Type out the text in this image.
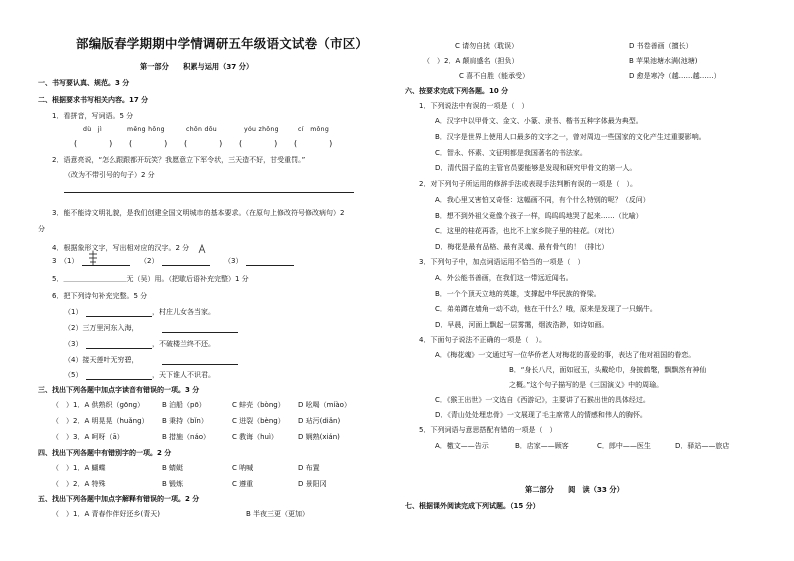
部编版春学期期中学情调研五年级语文试卷（市区）
第一部分　　积累与运用（37 分）
一、书写要认真、规范。3 分
二、根据要求书写相关内容。17 分
1．看拼音，写词语。5 分
dù　jì	mēng hōng	chōn dōu	yóu zhōng	cí　mǒng
(　　　　) (　　　　) (　　　　) (　　　　) (　　　　)
2．语意亮说，“怎么跟跟都开玩笑？我愿意立下军令状，三天造不好，甘受重罚。”
（改为不带引号的句子）2 分
3．能不能诗文明礼貌，是我们创建全国文明城市的基本要求。（在原句上修改符号修改病句）2
分
4．根据象形文字，写出相对应的汉字。2 分
3　（1）	（2）	（3）
5．＿＿＿＿＿＿＿＿＿无（吴）用。（把歇后语补充完整）1 分
6．把下列诗句补充完整。5 分
（1）	，村庄儿女各当家。
（2）三万里河东入海，
（3）	，不破楼兰终不还。
（4）接天莲叶无穷碧，
（5）	，天下谁人不识君。
三、找出下列各题中加点字读音有错误的一项。3 分
（　）1．A 供熟织（gōng）	B 泊船（pō）	C 蚌壳（bòng） D 吆喝（míào）
（　）2．A 明晃晃（huǎng） B 秉持（bǐn）	C 迸裂（bèng） D 玷污(diǎn)
（　）3．A 呵呀（ā）	B 措施（náo）	C 教诲（huì）	D 娴熟(xián)
四、找出下列各题中有错别字的一项。2 分
（　）1．A 蝴蝶	B 蜻蜓	C 呐喊	D 布置
（　）2．A 特殊	B 锻炼	C 遵重	D 景阳冈
五、找出下列各题中加点字解释有错误的一项。2 分
（　）1．A 青春作伴好还乡(青天)	B 半夜三更（更加）
C 请勿自扰（耽误）	D 书卷善画（擅长）
（　）2．A 颠肩盛名（担负）	B 苹果池塘水满(池塘)
C 喜不自胜（能承受）	D 愈是寒冷（越……越……）
六、按要求完成下列各题。10 分
1．下列说法中有误的一项是（　）
A．汉字中以甲骨文、金文、小篆、隶书、楷书五种字体最为典型。
B．汉字是世界上使用人口最多的文字之一，曾对周边一些国家的文化产生过重要影响。
C．智永、怀素、文征明都是我国著名的书法家。
D．清代国子监的主管官员要能够是发现和研究甲骨文的第一人。
2．对下列句子所运用的修辞手法或表现手法判断有误的一项是（　）。
A．我心里又害怕又奇怪：这幅画不同，有个什么特别的呢？（反问）
B．想不到外祖父竟像个孩子一样，呜呜呜地哭了起来……（比喻）
C．这里的桂花再香，也比不上家乡院子里的桂花。（对比）
D．梅花是最有品格、最有灵魂、最有骨气的！（排比）
3．下列句子中，加点词语运用不恰当的一项是（　）
A．外公能书善画，在我们这一带远近闻名。
B．一个个顶天立地的英雄，支撑起中华民族的脊梁。
C．弟弟蹲在墙角一动不动，他在干什么？哦，原来是发现了一只蜗牛。
D．早晨，河面上飘起一层雾霭，烟波浩渺，如诗如画。
4．下面句子说法不正确的一项是（　）。
A．《梅花魂》一文通过写一位华侨老人对梅花的喜爱的事，表达了他对祖国的眷恋。
B．“身长八尺，面如冠玉，头戴纶巾，身披鹤氅，飘飘然有神仙
之概。”这个句子描写的是《三国演义》中的周瑜。
C．《猴王出世》一文选自《西游记》，主要讲了石猴出世的具体经过。
D．《青山处处埋忠骨》一文展现了毛主席常人的情感和伟人的胸怀。
5．下列词语与意思搭配有错的一项是（　）
A．檄文——告示	B．店家——顾客	C．郎中——医生	D．驿站——旅店
第二部分　　阅　读（33 分）
七、根据课外阅读完成下列试题。（15 分）
